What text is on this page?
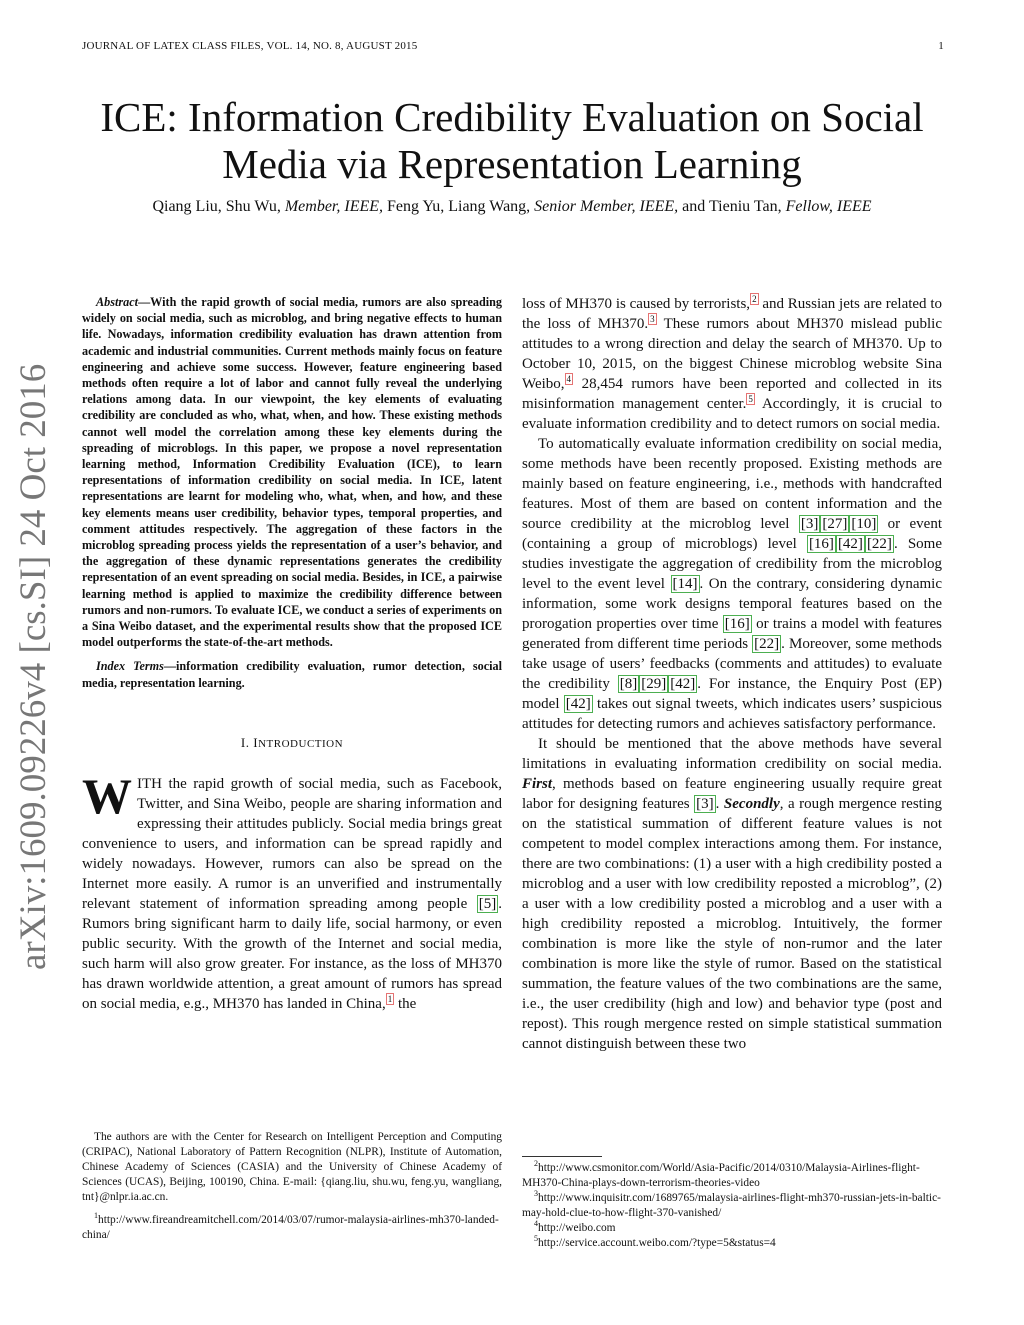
JOURNAL OF LATEX CLASS FILES, VOL. 14, NO. 8, AUGUST 2015	1
arXiv:1609.09226v4 [cs.SI] 24 Oct 2016
ICE: Information Credibility Evaluation on Social
Media via Representation Learning
Qiang Liu, Shu Wu, Member, IEEE, Feng Yu, Liang Wang, Senior Member, IEEE, and Tieniu Tan, Fellow, IEEE

Abstract—With the rapid growth of social media, rumors are also spreading widely on social media, such as microblog, and bring negative effects to human life. Nowadays, information credibility evaluation has drawn attention from academic and industrial communities. Current methods mainly focus on feature engineering and achieve some success. However, feature engineering based methods often require a lot of labor and cannot fully reveal the underlying relations among data. In our viewpoint, the key elements of evaluating credibility are concluded as who, what, when, and how. These existing methods cannot well model the correlation among these key elements during the spreading of microblogs. In this paper, we propose a novel representation learning method, Information Credibility Evaluation (ICE), to learn representations of information credibility on social media. In ICE, latent representations are learnt for modeling who, what, when, and how, and these key elements means user credibility, behavior types, temporal properties, and comment attitudes respectively. The aggregation of these factors in the microblog spreading process yields the representation of a user’s behavior, and the aggregation of these dynamic representations generates the credibility representation of an event spreading on social media. Besides, in ICE, a pairwise learning method is applied to maximize the credibility difference between rumors and non-rumors. To evaluate ICE, we conduct a series of experiments on a Sina Weibo dataset, and the experimental results show that the proposed ICE model outperforms the state-of-the-art methods.

Index Terms—information credibility evaluation, rumor detection, social media, representation learning.

I. INTRODUCTION

WITH the rapid growth of social media, such as Facebook, Twitter, and Sina Weibo, people are sharing information and expressing their attitudes publicly. Social media brings great convenience to users, and information can be spread rapidly and widely nowadays. However, rumors can also be spread on the Internet more easily. A rumor is an unverified and instrumentally relevant statement of information spreading among people [5] . Rumors bring significant harm to daily life, social harmony, or even public security. With the growth of the Internet and social media, such harm will also grow greater. For instance, as the loss of MH370 has drawn worldwide attention, a great amount of rumors has spread on social media, e.g., MH370 has landed in China, $^1$ the

The authors are with the Center for Research on Intelligent Perception and Computing (CRIPAC), National Laboratory of Pattern Recognition (NLPR), Institute of Automation, Chinese Academy of Sciences (CASIA) and the University of Chinese Academy of Sciences (UCAS), Beijing, 100190, China. E-mail: {qiang.liu, shu.wu, feng.yu, wangliang, tnt}@nlpr.ia.ac.cn.

$^1$http://www.fireandreamitchell.com/2014/03/07/rumor-malaysia-airlines-mh370-landed-china/

loss of MH370 is caused by terrorists, $^2$ and Russian jets are related to the loss of MH370. $^3$ These rumors about MH370 mislead public attitudes to a wrong direction and delay the search of MH370. Up to October 10, 2015, on the biggest Chinese microblog website Sina Weibo, $^4$ 28,454 rumors have been reported and collected in its misinformation management center. $^5$ Accordingly, it is crucial to evaluate information credibility and to detect rumors on social media.

To automatically evaluate information credibility on social media, some methods have been recently proposed. Existing methods are mainly based on feature engineering, i.e., methods with handcrafted features. Most of them are based on content information and the source credibility at the microblog level [3] [27] [10] or event (containing a group of microblogs) level [16] [42] [22] . Some studies investigate the aggregation of credibility from the microblog level to the event level [14] . On the contrary, considering dynamic information, some work designs temporal features based on the prorogation properties over time [16] or trains a model with features generated from different time periods [22] . Moreover, some methods take usage of users’ feedbacks (comments and attitudes) to evaluate the credibility [8] [29] [42] . For instance, the Enquiry Post (EP) model [42] takes out signal tweets, which indicates users’ suspicious attitudes for detecting rumors and achieves satisfactory performance.

It should be mentioned that the above methods have several limitations in evaluating information credibility on social media. First, methods based on feature engineering usually require great labor for designing features [3] . Secondly, a rough mergence resting on the statistical summation of different feature values is not competent to model complex interactions among them. For instance, there are two combinations: (1) a user with a high credibility posted a microblog and a user with low credibility reposted a microblog”, (2) a user with a low credibility posted a microblog and a user with a high credibility reposted a microblog. Intuitively, the former combination is more like the style of non-rumor and the later combination is more like the style of rumor. Based on the statistical summation, the feature values of the two combinations are the same, i.e., the user credibility (high and low) and behavior type (post and repost). This rough mergence rested on simple statistical summation cannot distinguish between these two

$^2$http://www.csmonitor.com/World/Asia-Pacific/2014/0310/Malaysia-Airlines-flight-MH370-China-plays-down-terrorism-theories-video

$^3$http://www.inquisitr.com/1689765/malaysia-airlines-flight-mh370-russian-jets-in-baltic-may-hold-clue-to-how-flight-370-vanished/

$^4$http://weibo.com

$^5$http://service.account.weibo.com/?type=5&status=4
